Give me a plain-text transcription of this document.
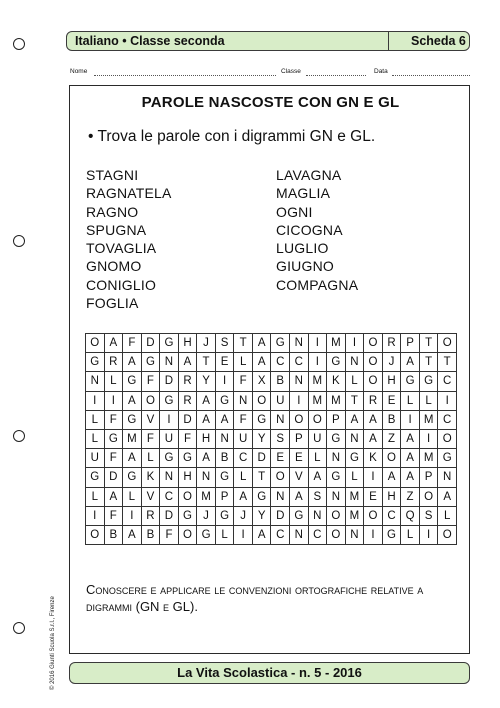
Italiano • Classe seconda	Scheda 6
Nome	Classe	Data
PAROLE NASCOSTE CON GN E GL
• Trova le parole con i digrammi GN e GL.
STAGNI
RAGNATELA
RAGNO
SPUGNA
TOVAGLIA
GNOMO
CONIGLIO
FOGLIA
LAVAGNA
MAGLIA
OGNI
CICOGNA
LUGLIO
GIUGNO
COMPAGNA
O	A	F	D	G	H	J	S	T	A	G	N	I	M	I	O	R	P	T	O
G	R	A	G	N	A	T	E	L	A	C	C	I	G	N	O	J	A	T	T
N	L	G	F	D	R	Y	I	F	X	B	N	M	K	L	O	H	G	G	C
I	I	A	O	G	R	A	G	N	O	U	I	M	M	T	R	E	L	L	I
L	F	G	V	I	D	A	A	F	G	N	O	O	P	A	A	B	I	M	C
L	G	M	F	U	F	H	N	U	Y	S	P	U	G	N	A	Z	A	I	O
U	F	A	L	G	G	A	B	C	D	E	E	L	N	G	K	O	A	M	G
G	D	G	K	N	H	N	G	L	T	O	V	A	G	L	I	A	A	P	N
L	A	L	V	C	O	M	P	A	G	N	A	S	N	M	E	H	Z	O	A
I	F	I	R	D	G	J	G	J	Y	D	G	N	O	M	O	C	Q	S	L
O	B	A	B	F	O	G	L	I	A	C	N	C	O	N	I	G	L	I	O
Conoscere e applicare le convenzioni ortografiche relative a digrammi (GN e GL).
La Vita Scolastica - n. 5 - 2016
© 2016 Giunti Scuola S.r.l., Firenze
